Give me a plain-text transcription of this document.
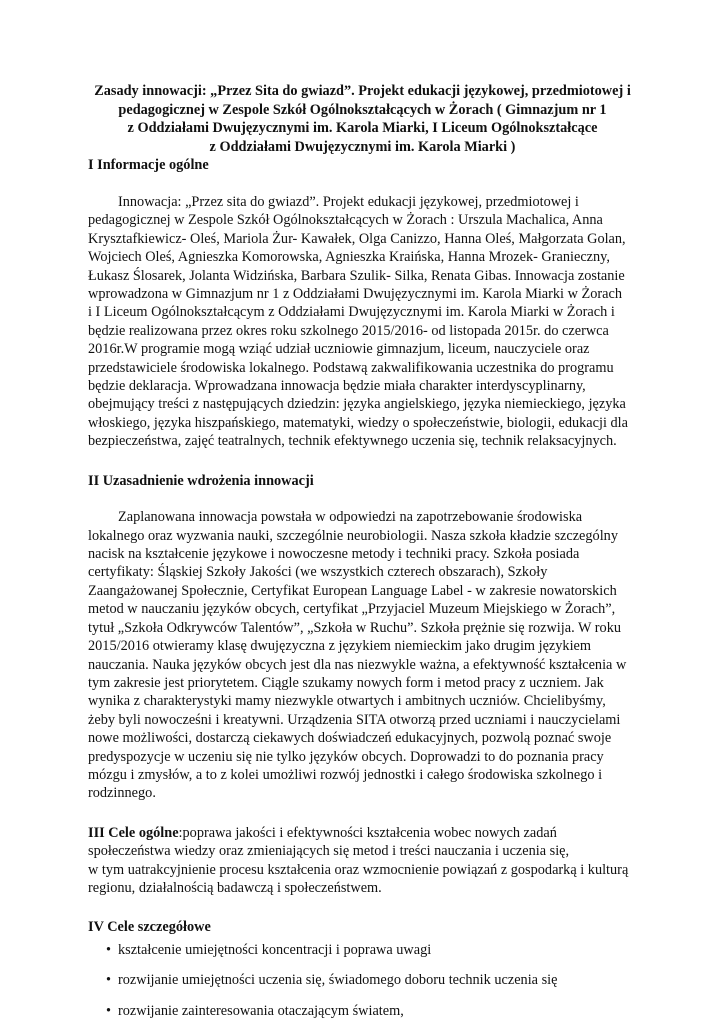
Zasady innowacji: „Przez Sita do gwiazd”. Projekt edukacji językowej, przedmiotowej i
pedagogicznej w Zespole Szkół Ogólnokształcących w Żorach ( Gimnazjum nr 1
z Oddziałami Dwujęzycznymi im. Karola Miarki, I Liceum Ogólnokształcące
z Oddziałami Dwujęzycznymi im. Karola Miarki )
I Informacje ogólne
Innowacja: „Przez sita do gwiazd”. Projekt edukacji językowej, przedmiotowej i
pedagogicznej w Zespole Szkół Ogólnokształcących w Żorach : Urszula Machalica, Anna
Krysztafkiewicz- Oleś, Mariola Żur- Kawałek, Olga Canizzo, Hanna Oleś, Małgorzata Golan,
Wojciech Oleś, Agnieszka Komorowska, Agnieszka Kraińska, Hanna Mrozek- Granieczny,
Łukasz Ślosarek, Jolanta Widzińska, Barbara Szulik- Silka, Renata Gibas. Innowacja zostanie
wprowadzona w Gimnazjum nr 1 z Oddziałami Dwujęzycznymi im. Karola Miarki w Żorach
i I Liceum Ogólnokształcącym z Oddziałami Dwujęzycznymi im. Karola Miarki w Żorach i
będzie realizowana przez okres roku szkolnego 2015/2016- od listopada 2015r. do czerwca
2016r.W programie mogą wziąć udział uczniowie gimnazjum, liceum, nauczyciele oraz
przedstawiciele środowiska lokalnego. Podstawą zakwalifikowania uczestnika do programu
będzie deklaracja. Wprowadzana innowacja będzie miała charakter interdyscyplinarny,
obejmujący treści z następujących dziedzin: języka angielskiego, języka niemieckiego, języka
włoskiego, języka hiszpańskiego, matematyki, wiedzy o społeczeństwie, biologii, edukacji dla
bezpieczeństwa, zajęć teatralnych, technik efektywnego uczenia się, technik relaksacyjnych.
II Uzasadnienie wdrożenia innowacji
Zaplanowana innowacja powstała w odpowiedzi na zapotrzebowanie środowiska
lokalnego oraz wyzwania nauki, szczególnie neurobiologii. Nasza szkoła kładzie szczególny
nacisk na kształcenie językowe i nowoczesne metody i techniki pracy. Szkoła posiada
certyfikaty: Śląskiej Szkoły Jakości (we wszystkich czterech obszarach), Szkoły
Zaangażowanej Społecznie, Certyfikat European Language Label - w zakresie nowatorskich
metod w nauczaniu języków obcych, certyfikat „Przyjaciel Muzeum Miejskiego w Żorach”,
tytuł „Szkoła Odkrywców Talentów”, „Szkoła w Ruchu”. Szkoła prężnie się rozwija. W roku
2015/2016 otwieramy klasę dwujęzyczna z językiem niemieckim jako drugim językiem
nauczania. Nauka języków obcych jest dla nas niezwykle ważna, a efektywność kształcenia w
tym zakresie jest priorytetem. Ciągle szukamy nowych form i metod pracy z uczniem. Jak
wynika z charakterystyki mamy niezwykle otwartych i ambitnych uczniów. Chcielibyśmy,
żeby byli nowocześni i kreatywni. Urządzenia SITA otworzą przed uczniami i nauczycielami
nowe możliwości, dostarczą ciekawych doświadczeń edukacyjnych, pozwolą poznać swoje
predyspozycje w uczeniu się nie tylko języków obcych. Doprowadzi to do poznania pracy
mózgu i zmysłów, a to z kolei umożliwi rozwój jednostki i całego środowiska szkolnego i
rodzinnego.
III Cele ogólne:poprawa jakości i efektywności kształcenia wobec nowych zadań
społeczeństwa wiedzy oraz zmieniających się metod i treści nauczania i uczenia się,
w tym uatrakcyjnienie procesu kształcenia oraz wzmocnienie powiązań z gospodarką i kulturą
regionu, działalnością badawczą i społeczeństwem.
IV Cele szczegółowe
• kształcenie umiejętności koncentracji i poprawa uwagi
• rozwijanie umiejętności uczenia się, świadomego doboru technik uczenia się
• rozwijanie zainteresowania otaczającym światem,
